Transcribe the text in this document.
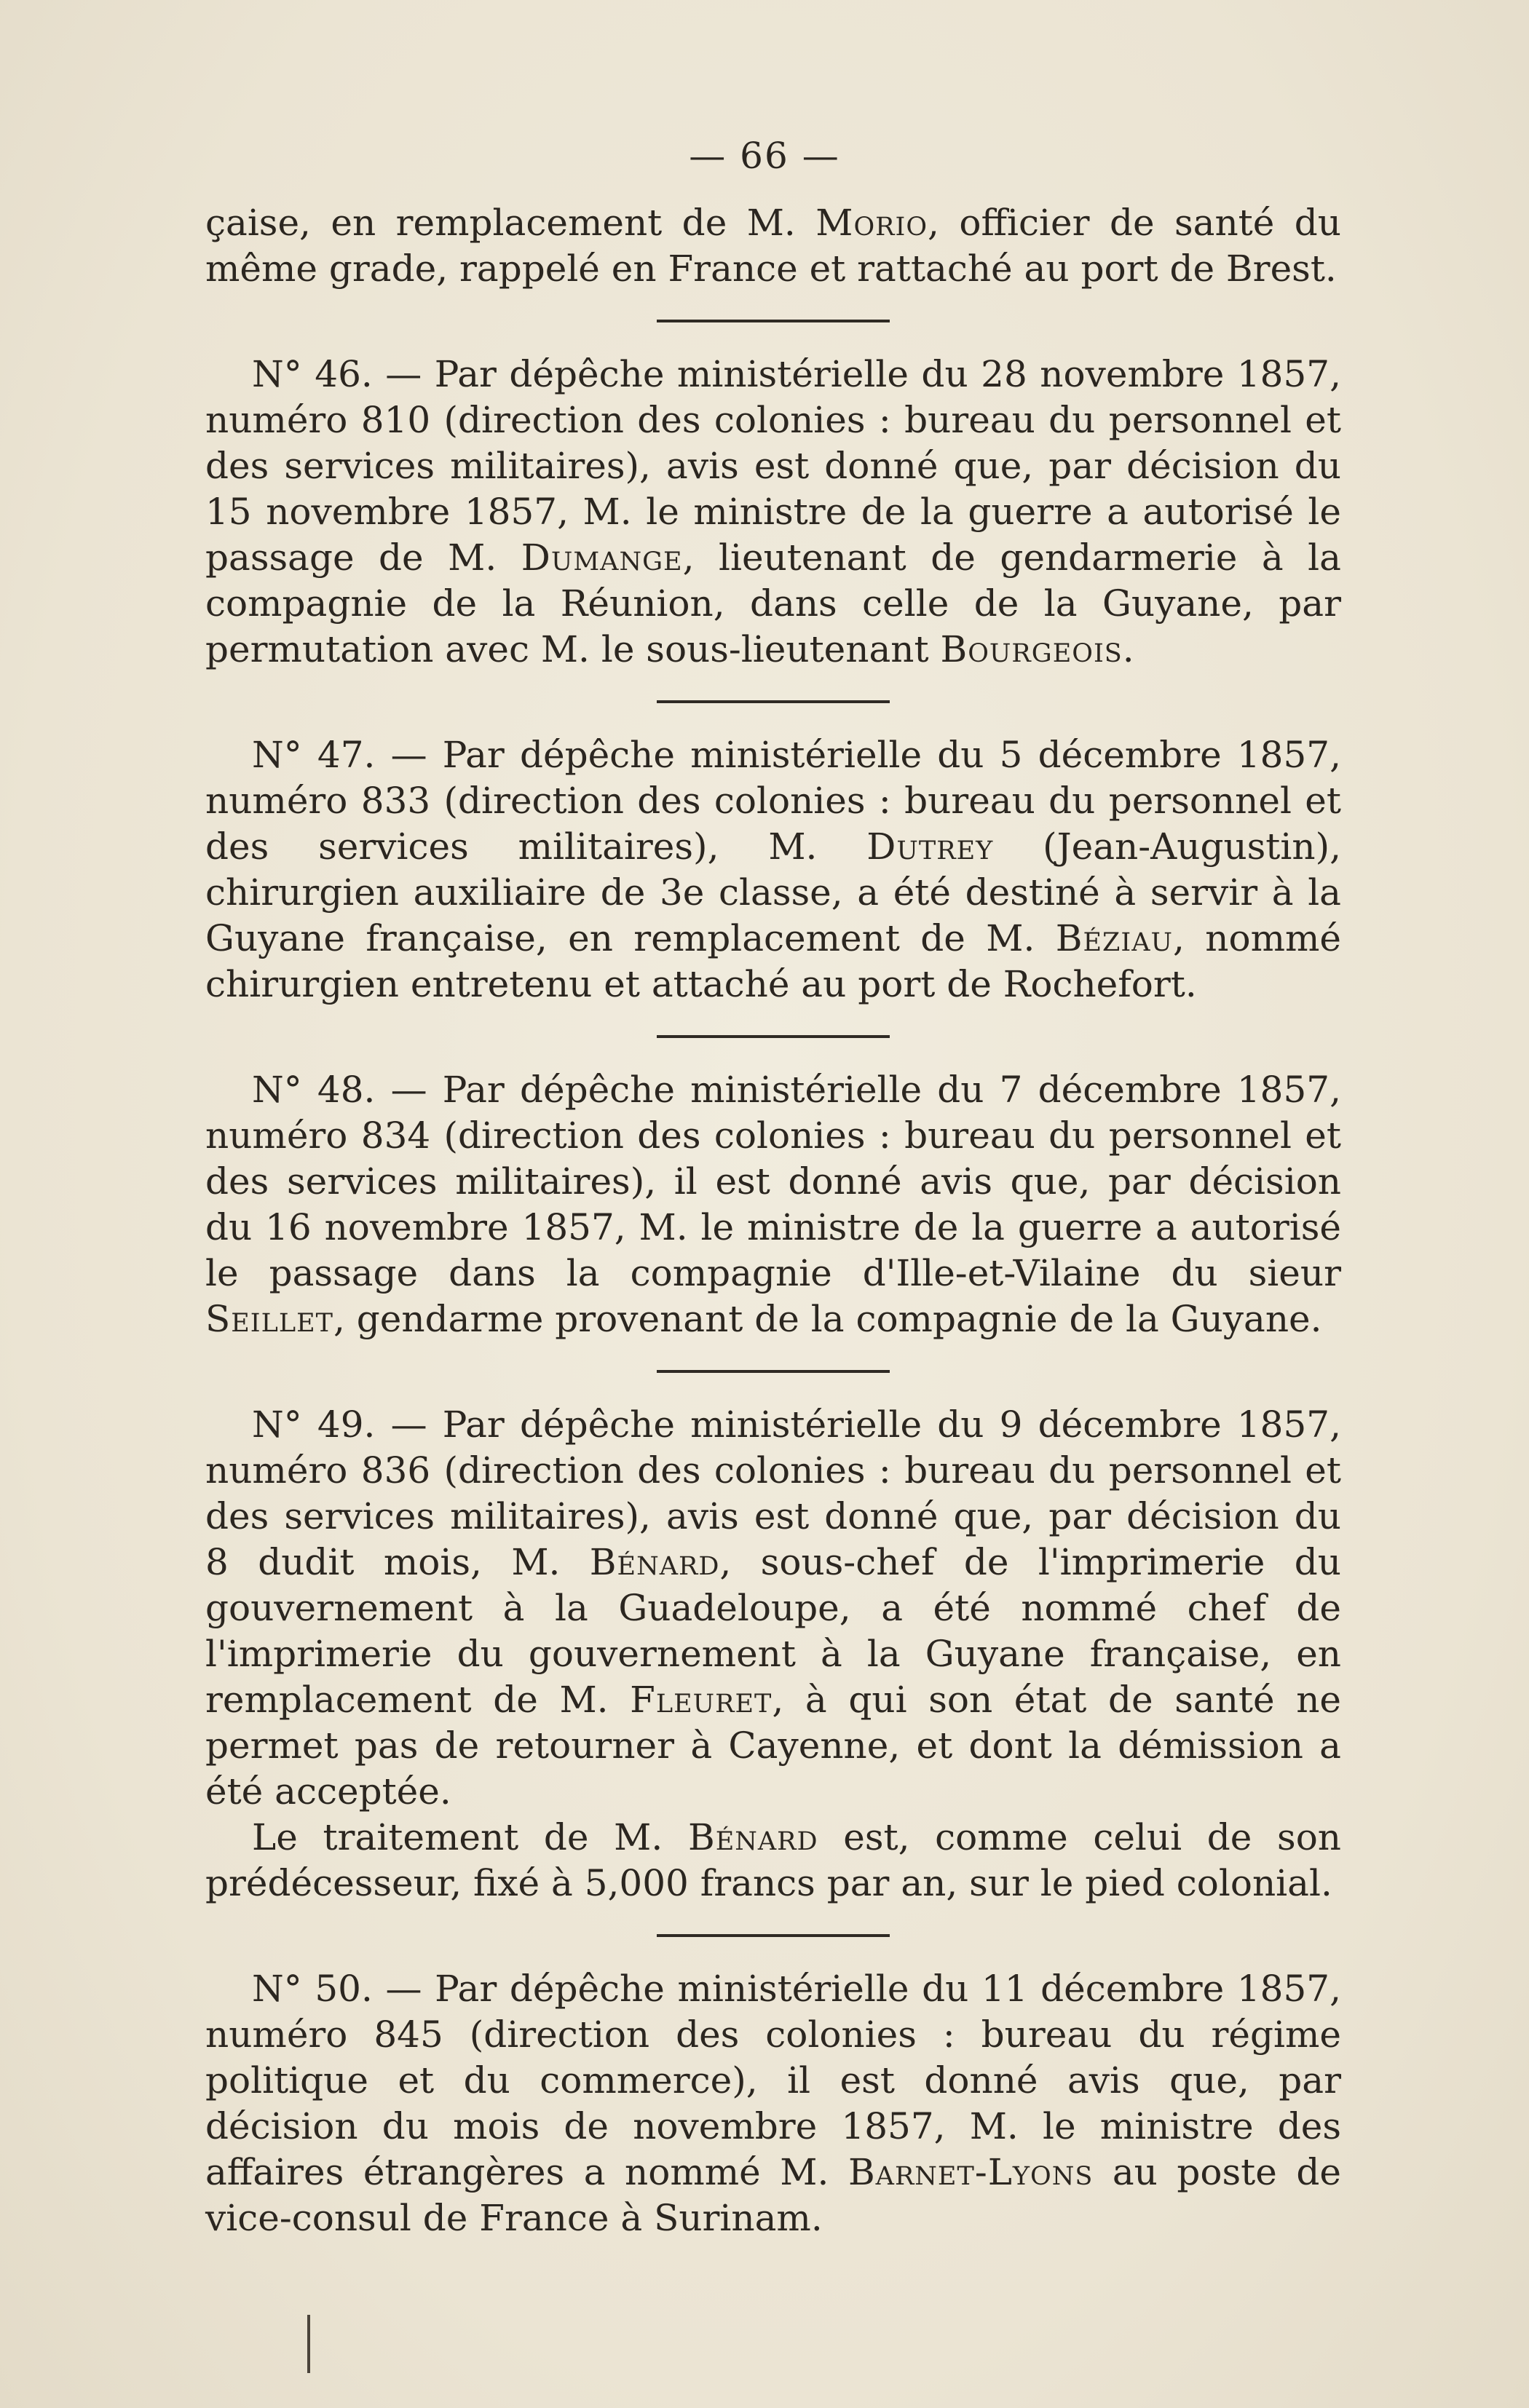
— 66 —

çaise, en remplacement de M. Morio, officier de santé du même grade, rappelé en France et rattaché au port de Brest.

N° 46. — Par dépêche ministérielle du 28 novembre 1857, numéro 810 (direction des colonies : bureau du personnel et des services militaires), avis est donné que, par décision du 15 novembre 1857, M. le ministre de la guerre a autorisé le passage de M. Dumange, lieutenant de gendarmerie à la compagnie de la Réunion, dans celle de la Guyane, par permutation avec M. le sous-lieutenant Bourgeois.

N° 47. — Par dépêche ministérielle du 5 décembre 1857, numéro 833 (direction des colonies : bureau du personnel et des services militaires), M. Dutrey (Jean-Augustin), chirurgien auxiliaire de 3e classe, a été destiné à servir à la Guyane française, en remplacement de M. Béziau, nommé chirurgien entretenu et attaché au port de Rochefort.

N° 48. — Par dépêche ministérielle du 7 décembre 1857, numéro 834 (direction des colonies : bureau du personnel et des services militaires), il est donné avis que, par décision du 16 novembre 1857, M. le ministre de la guerre a autorisé le passage dans la compagnie d'Ille-et-Vilaine du sieur Seillet, gendarme provenant de la compagnie de la Guyane.

N° 49. — Par dépêche ministérielle du 9 décembre 1857, numéro 836 (direction des colonies : bureau du personnel et des services militaires), avis est donné que, par décision du 8 dudit mois, M. Bénard, sous-chef de l'imprimerie du gouvernement à la Guadeloupe, a été nommé chef de l'imprimerie du gouvernement à la Guyane française, en remplacement de M. Fleuret, à qui son état de santé ne permet pas de retourner à Cayenne, et dont la démission a été acceptée.

Le traitement de M. Bénard est, comme celui de son prédécesseur, fixé à 5,000 francs par an, sur le pied colonial.

N° 50. — Par dépêche ministérielle du 11 décembre 1857, numéro 845 (direction des colonies : bureau du régime politique et du commerce), il est donné avis que, par décision du mois de novembre 1857, M. le ministre des affaires étrangères a nommé M. Barnet-Lyons au poste de vice-consul de France à Surinam.
